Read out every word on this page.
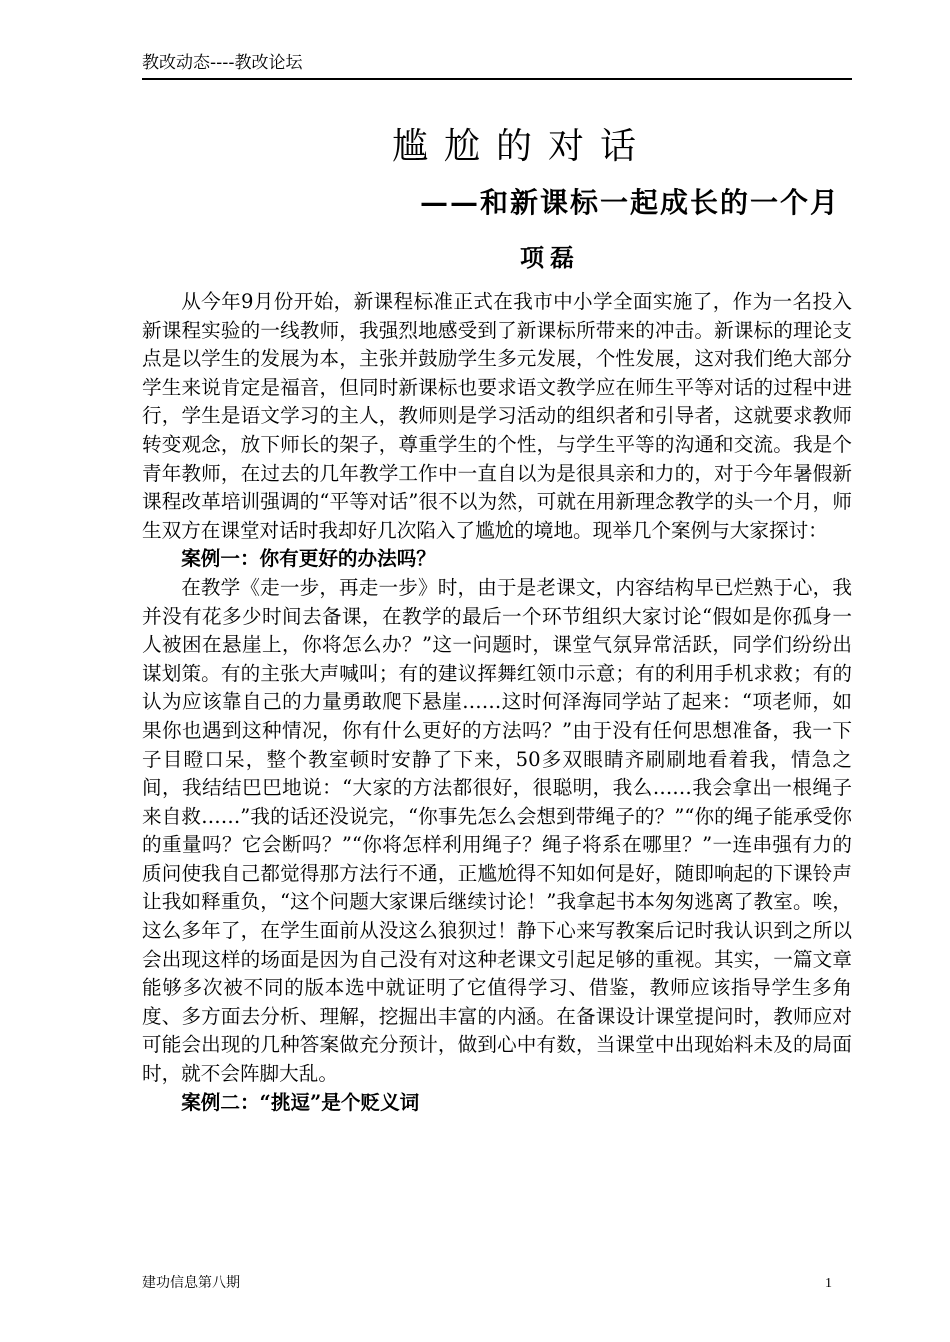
教改动态----教改论坛
尴尬的对话
——和新课标一起成长的一个月
项磊

从今年9月份开始，新课程标准正式在我市中小学全面实施了，作为一名投入新课程实验的一线教师，我强烈地感受到了新课标所带来的冲击。新课标的理论支点是以学生的发展为本，主张并鼓励学生多元发展，个性发展，这对我们绝大部分学生来说肯定是福音，但同时新课标也要求语文教学应在师生平等对话的过程中进行，学生是语文学习的主人，教师则是学习活动的组织者和引导者，这就要求教师转变观念，放下师长的架子，尊重学生的个性，与学生平等的沟通和交流。我是个青年教师，在过去的几年教学工作中一直自以为是很具亲和力的，对于今年暑假新课程改革培训强调的“平等对话”很不以为然，可就在用新理念教学的头一个月，师生双方在课堂对话时我却好几次陷入了尴尬的境地。现举几个案例与大家探讨：

案例一：你有更好的办法吗？

在教学《走一步，再走一步》时，由于是老课文，内容结构早已烂熟于心，我并没有花多少时间去备课，在教学的最后一个环节组织大家讨论“假如是你孤身一人被困在悬崖上，你将怎么办？”这一问题时，课堂气氛异常活跃，同学们纷纷出谋划策。有的主张大声喊叫；有的建议挥舞红领巾示意；有的利用手机求救；有的认为应该靠自己的力量勇敢爬下悬崖……这时何泽海同学站了起来：“项老师，如果你也遇到这种情况，你有什么更好的方法吗？”由于没有任何思想准备，我一下子目瞪口呆，整个教室顿时安静了下来，50多双眼睛齐刷刷地看着我，情急之间，我结结巴巴地说：“大家的方法都很好，很聪明，我么……我会拿出一根绳子来自救……”我的话还没说完，“你事先怎么会想到带绳子的？”“你的绳子能承受你的重量吗？它会断吗？”“你将怎样利用绳子？绳子将系在哪里？”一连串强有力的质问使我自己都觉得那方法行不通，正尴尬得不知如何是好，随即响起的下课铃声让我如释重负，“这个问题大家课后继续讨论！”我拿起书本匆匆逃离了教室。唉，这么多年了，在学生面前从没这么狼狈过！静下心来写教案后记时我认识到之所以会出现这样的场面是因为自己没有对这种老课文引起足够的重视。其实，一篇文章能够多次被不同的版本选中就证明了它值得学习、借鉴，教师应该指导学生多角度、多方面去分析、理解，挖掘出丰富的内涵。在备课设计课堂提问时，教师应对可能会出现的几种答案做充分预计，做到心中有数，当课堂中出现始料未及的局面时，就不会阵脚大乱。

案例二：“挑逗”是个贬义词

建功信息第八期	1
